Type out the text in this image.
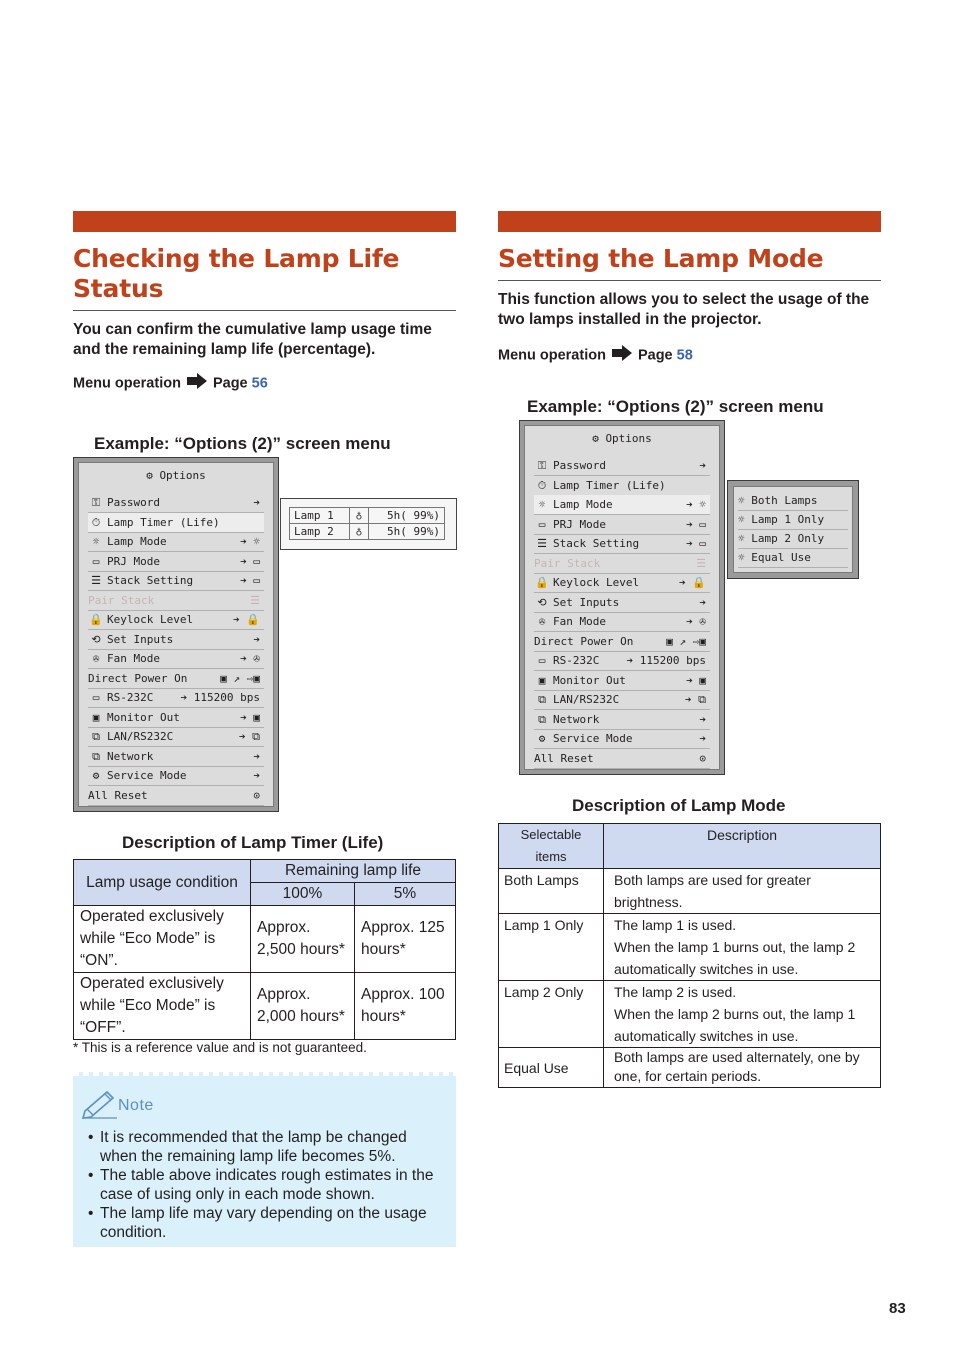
Checking the Lamp Life
Status
You can confirm the cumulative lamp usage time and the remaining lamp life (percentage).
Menu operation Page 56
Example: “Options (2)” screen menu
⚙ Options
⚿ Password	➔
⏱ Lamp Timer (Life)
☼ Lamp Mode	➔ ☼
▭ PRJ Mode	➔ ▭
☰ Stack Setting	➔ ▭
Pair Stack	☰
🔒 Keylock Level	➔ 🔒
⟲ Set Inputs	➔
✇ Fan Mode	➔ ✇
Direct Power On	▣ ↗ ⇨▣
▭ RS-232C ➔ 115200 bps
▣ Monitor Out	➔ ▣
⧉ LAN/RS232C	➔ ⧉
⧉ Network	➔
⚙ Service Mode	➔
All Reset	⊙
Lamp 1	♁	5h( 99%)
Lamp 2	♁	5h( 99%)
Description of Lamp Timer (Life)
Lamp usage condition	Remaining lamp life	
	100%	5%
Operated exclusively while “Eco Mode” is “ON”.	Approx. 2,500 hours*	Approx. 125 hours*
Operated exclusively while “Eco Mode” is “OFF”.	Approx. 2,000 hours*	Approx. 100 hours*
* This is a reference value and is not guaranteed.
Note
• It is recommended that the lamp be changed when the remaining lamp life becomes 5%.
• The table above indicates rough estimates in the case of using only in each mode shown.
• The lamp life may vary depending on the usage condition.
Setting the Lamp Mode
This function allows you to select the usage of the two lamps installed in the projector.
Menu operation Page 58
Example: “Options (2)” screen menu
⚙ Options
⚿ Password	➔
⏱ Lamp Timer (Life)
☼ Lamp Mode	➔ ☼
▭ PRJ Mode	➔ ▭
☰ Stack Setting	➔ ▭
Pair Stack	☰
🔒 Keylock Level	➔ 🔒
⟲ Set Inputs	➔
✇ Fan Mode	➔ ✇
Direct Power On	▣ ↗ ⇨▣
▭ RS-232C ➔ 115200 bps
▣ Monitor Out	➔ ▣
⧉ LAN/RS232C	➔ ⧉
⧉ Network	➔
⚙ Service Mode	➔
All Reset	⊙
☼ Both Lamps
☼ Lamp 1 Only
☼ Lamp 2 Only
☼ Equal Use
Description of Lamp Mode
Selectable items	Description
Both Lamps	Both lamps are used for greater brightness.
Lamp 1 Only	The lamp 1 is used.
When the lamp 1 burns out, the lamp 2 automatically switches in use.

Lamp 2 Only	The lamp 2 is used.
When the lamp 2 burns out, the lamp 1 automatically switches in use.

Equal Use	Both lamps are used alternately, one by one, for certain periods.
83
